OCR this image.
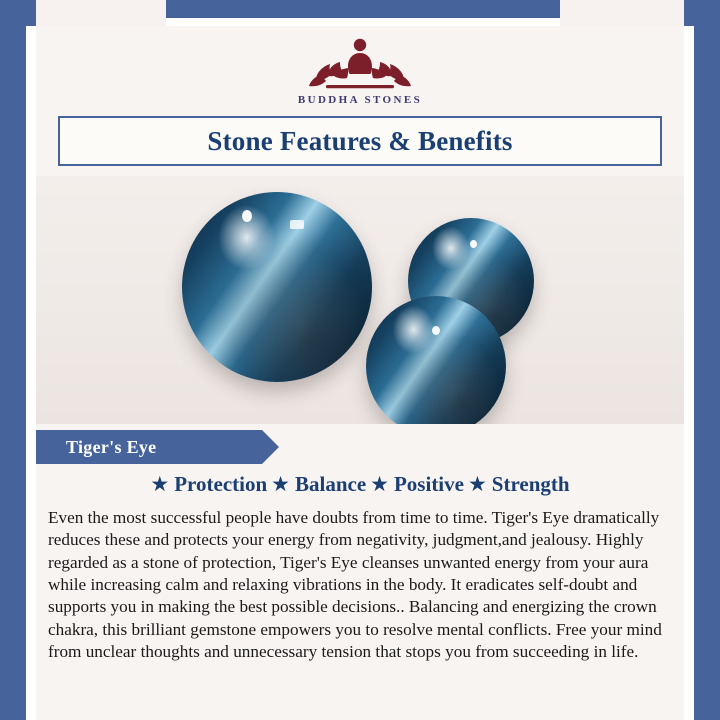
BUDDHA STONES
Stone Features & Benefits
Tiger's Eye
★ Protection ★ Balance ★ Positive ★ Strength

Even the most successful people have doubts from time to time. Tiger's Eye dramatically reduces these and protects your energy from negativity, judgment,and jealousy. Highly regarded as a stone of protection, Tiger's Eye cleanses unwanted energy from your aura while increasing calm and relaxing vibrations in the body. It eradicates self-doubt and supports you in making the best possible decisions.. Balancing and energizing the crown chakra, this brilliant gemstone empowers you to resolve mental conflicts. Free your mind from unclear thoughts and unnecessary tension that stops you from succeeding in life.
